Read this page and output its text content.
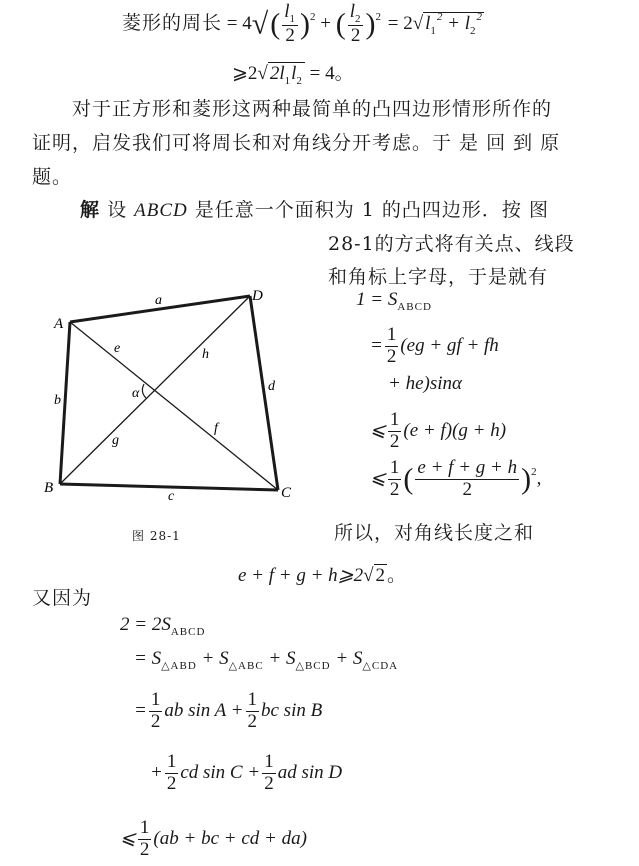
菱形的周长 = $4√( \frac{l_1}{2} )^2$ + ( $\frac{l_2}{2} )^2 = 2√$ $l_1^2 + l_2^2$
⩾2√ $2l_1l_2 = 4$。
对于正方形和菱形这两种最简单的凸四边形情形所作的
证明，启发我们可将周长和对角线分开考虑。于 是 回 到 原
题。
解 设 ABCD 是任意一个面积为 1 的凸四边形．按 图
28-1的方式将有关点、线段
和角标上字母，于是就有
$1 = S_{ABCD}$
= $\frac{1}{2} (eg$ + gf + fh
+ he)sinα
⩽ $\frac{1}{2} (e + f)(g + h)$
⩽ $\frac{1}{2}$ ( $\frac{e + f + g + h}{2} )^2$,
A
D
B	C
a
b
c
d
e
f
g
h
α
图 28-1	所以，对角线长度之和
e + f + g + h⩾2√ 2 。
又因为
$2 = 2S_{ABCD}$
= $S_{\triangle ABD} + S_{\triangle ABC} + S_{\triangle BCD} + S_{\triangle CDA}$
= $\frac{1}{2}$ ab $\sin A + \frac{1}{2}$ bc sin B
+ $\frac{1}{2}$ cd $\sin C + \frac{1}{2}$ ad sin D
⩽ $\frac{1}{2} (ab$ + bc + cd + da)
